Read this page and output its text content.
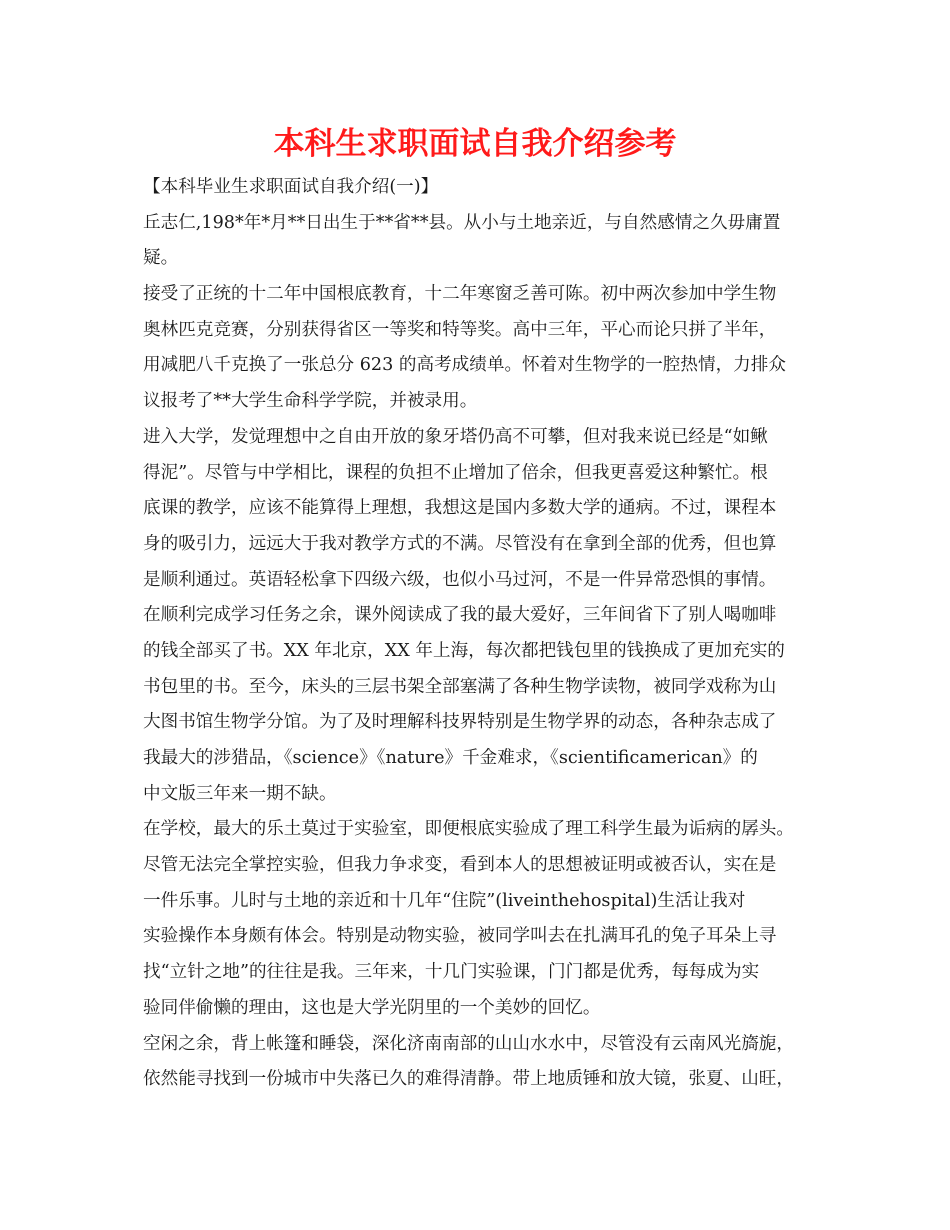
本科生求职面试自我介绍参考
【本科毕业生求职面试自我介绍(一)】
丘志仁,198*年*月**日出生于**省**县。从小与土地亲近，与自然感情之久毋庸置
疑。
接受了正统的十二年中国根底教育，十二年寒窗乏善可陈。初中两次参加中学生物
奥林匹克竞赛，分别获得省区一等奖和特等奖。高中三年，平心而论只拼了半年，
用减肥八千克换了一张总分 623 的高考成绩单。怀着对生物学的一腔热情，力排众
议报考了**大学生命科学学院，并被录用。
进入大学，发觉理想中之自由开放的象牙塔仍高不可攀，但对我来说已经是“如鳅
得泥”。尽管与中学相比，课程的负担不止增加了倍余，但我更喜爱这种繁忙。根
底课的教学，应该不能算得上理想，我想这是国内多数大学的通病。不过，课程本
身的吸引力，远远大于我对教学方式的不满。尽管没有在拿到全部的优秀，但也算
是顺利通过。英语轻松拿下四级六级，也似小马过河，不是一件异常恐惧的事情。
在顺利完成学习任务之余，课外阅读成了我的最大爱好，三年间省下了别人喝咖啡
的钱全部买了书。XX 年北京，XX 年上海，每次都把钱包里的钱换成了更加充实的
书包里的书。至今，床头的三层书架全部塞满了各种生物学读物，被同学戏称为山
大图书馆生物学分馆。为了及时理解科技界特别是生物学界的动态，各种杂志成了
我最大的涉猎品，《science》《nature》千金难求，《scientificamerican》的
中文版三年来一期不缺。
在学校，最大的乐土莫过于实验室，即便根底实验成了理工科学生最为诟病的孱头。
尽管无法完全掌控实验，但我力争求变，看到本人的思想被证明或被否认，实在是
一件乐事。儿时与土地的亲近和十几年“住院”(liveinthehospital)生活让我对
实验操作本身颇有体会。特别是动物实验，被同学叫去在扎满耳孔的兔子耳朵上寻
找“立针之地”的往往是我。三年来，十几门实验课，门门都是优秀，每每成为实
验同伴偷懒的理由，这也是大学光阴里的一个美妙的回忆。
空闲之余，背上帐篷和睡袋，深化济南南部的山山水水中，尽管没有云南风光旖旎，
依然能寻找到一份城市中失落已久的难得清静。带上地质锤和放大镜，张夏、山旺，
